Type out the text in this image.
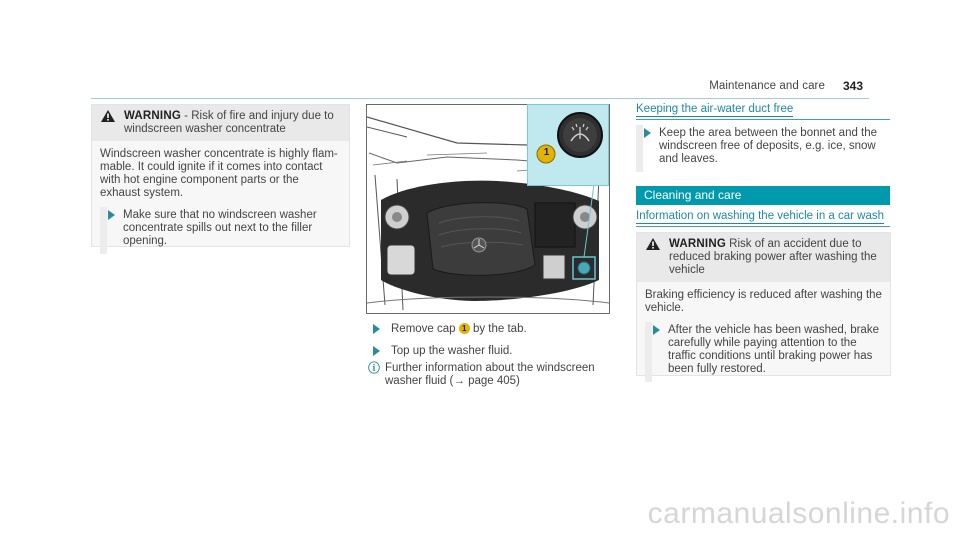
Maintenance and care 343
WARNING - Risk of fire and injury due to
windscreen washer concentrate
Windscreen washer concentrate is highly flam-
mable. It could ignite if it comes into contact
with hot engine component parts or the
exhaust system.
Make sure that no windscreen washer
concentrate spills out next to the filler
opening.
1
Remove cap 1 by the tab.
Top up the washer fluid.
ⓘ Further information about the windscreen
washer fluid (→ page 405)
Keeping the air-water duct free
Keep the area between the bonnet and the
windscreen free of deposits, e.g. ice, snow
and leaves.
Cleaning and care
Information on washing the vehicle in a car wash
WARNING Risk of an accident due to
reduced braking power after washing the
vehicle
Braking efficiency is reduced after washing the
vehicle.
After the vehicle has been washed, brake
carefully while paying attention to the
traffic conditions until braking power has
been fully restored.
carmanualsonline.info
